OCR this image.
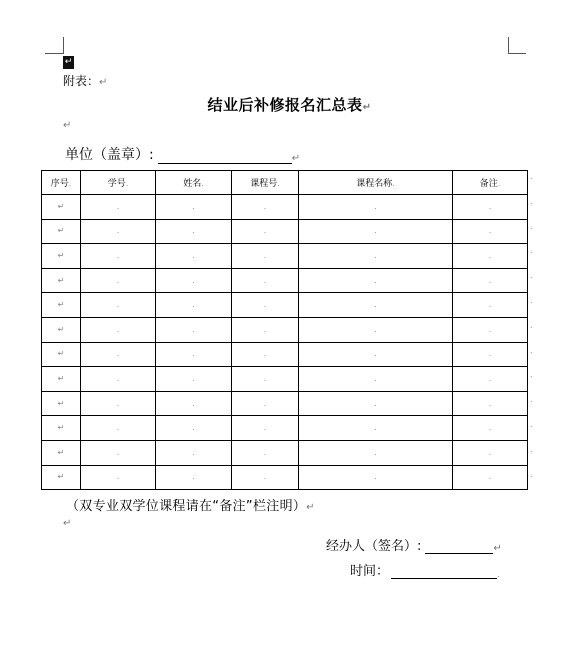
↵
附表：↵
结业后补修报名汇总表↵
↵
单位（盖章）:	↵
序号.	学号.	姓名.	课程号.	课程名称.	备注.
↵	.	.	.	.	.
↵	.	.	.	.	.
↵	.	.	.	.	.
↵	.	.	.	.	.
↵	.	.	.	.	.
↵	.	.	.	.	.
↵	.	.	.	.	.
↵	.	.	.	.	.
↵	.	.	.	.	.
↵	.	.	.	.	.
↵	.	.	.	.	.
↵	.	.	.	.	.
.
.
.
.
.
.
.
.
.
.
.
.
.
（双专业双学位课程请在“备注”栏注明）↵
↵
经办人（签名）:	↵
时间：	.
